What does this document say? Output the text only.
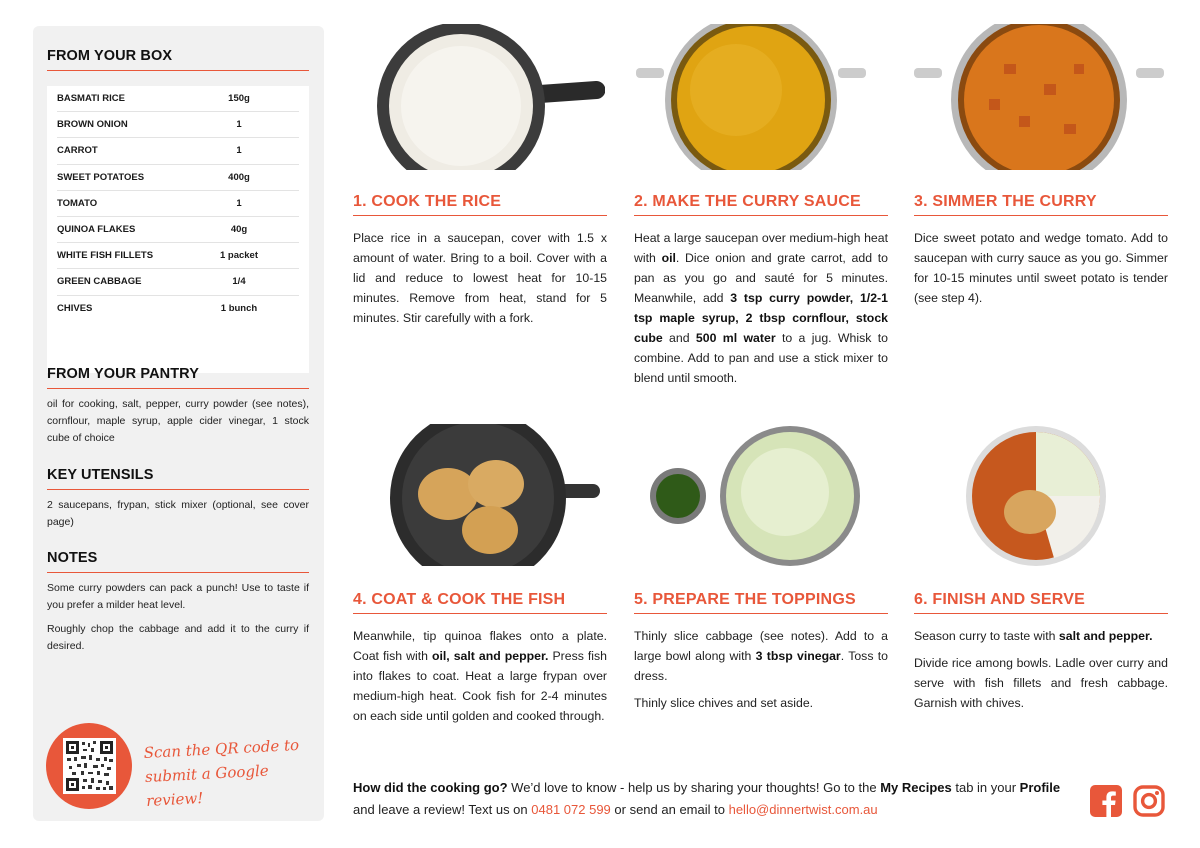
FROM YOUR BOX
BASMATI RICE	150g
BROWN ONION	1
CARROT	1
SWEET POTATOES	400g
TOMATO	1
QUINOA FLAKES	40g
WHITE FISH FILLETS	1 packet
GREEN CABBAGE	1/4
CHIVES	1 bunch
FROM YOUR PANTRY
oil for cooking, salt, pepper, curry powder (see notes), cornflour, maple syrup, apple cider vinegar, 1 stock cube of choice
KEY UTENSILS
2 saucepans, frypan, stick mixer (optional, see cover page)
NOTES
Some curry powders can pack a punch! Use to taste if you prefer a milder heat level.
Roughly chop the cabbage and add it to the curry if desired.
Scan the QR code to
submit a Google review!
1. COOK THE RICE

Place rice in a saucepan, cover with 1.5 x amount of water. Bring to a boil. Cover with a lid and reduce to lowest heat for 10-15 minutes. Remove from heat, stand for 5 minutes. Stir carefully with a fork.

2. MAKE THE CURRY SAUCE

Heat a large saucepan over medium-high heat with oil. Dice onion and grate carrot, add to pan as you go and sauté for 5 minutes. Meanwhile, add 3 tsp curry powder, 1/2-1 tsp maple syrup, 2 tbsp cornflour, stock cube and 500 ml water to a jug. Whisk to combine. Add to pan and use a stick mixer to blend until smooth.

3. SIMMER THE CURRY

Dice sweet potato and wedge tomato. Add to saucepan with curry sauce as you go. Simmer for 10-15 minutes until sweet potato is tender (see step 4).

4. COAT & COOK THE FISH

Meanwhile, tip quinoa flakes onto a plate. Coat fish with oil, salt and pepper. Press fish into flakes to coat. Heat a large frypan over medium-high heat. Cook fish for 2-4 minutes on each side until golden and cooked through.

5. PREPARE THE TOPPINGS

Thinly slice cabbage (see notes). Add to a large bowl along with 3 tbsp vinegar. Toss to dress.

Thinly slice chives and set aside.

6. FINISH AND SERVE

Season curry to taste with salt and pepper.

Divide rice among bowls. Ladle over curry and serve with fish fillets and fresh cabbage. Garnish with chives.

How did the cooking go? We’d love to know - help us by sharing your thoughts! Go to the My Recipes tab in your Profile and leave a review! Text us on 0481 072 599 or send an email to hello@dinnertwist.com.au
